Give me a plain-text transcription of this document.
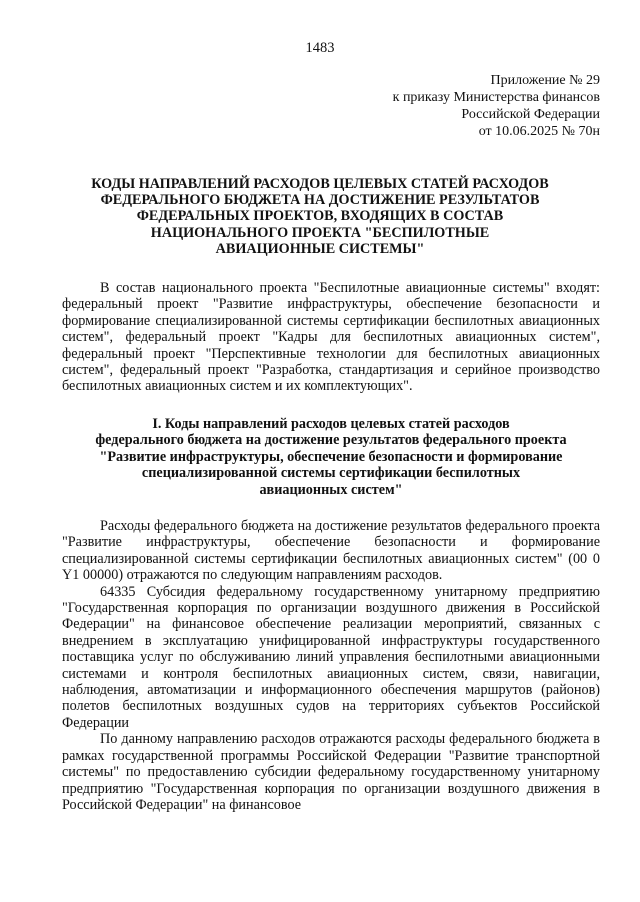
1483
Приложение № 29
к приказу Министерства финансов
Российской Федерации
от 10.06.2025 № 70н
КОДЫ НАПРАВЛЕНИЙ РАСХОДОВ ЦЕЛЕВЫХ СТАТЕЙ РАСХОДОВ
ФЕДЕРАЛЬНОГО БЮДЖЕТА НА ДОСТИЖЕНИЕ РЕЗУЛЬТАТОВ
ФЕДЕРАЛЬНЫХ ПРОЕКТОВ, ВХОДЯЩИХ В СОСТАВ
НАЦИОНАЛЬНОГО ПРОЕКТА "БЕСПИЛОТНЫЕ
АВИАЦИОННЫЕ СИСТЕМЫ"

В состав национального проекта "Беспилотные авиационные системы" входят: федеральный проект "Развитие инфраструктуры, обеспечение безопасности и формирование специализированной системы сертификации беспилотных авиационных систем", федеральный проект "Кадры для беспилотных авиационных систем", федеральный проект "Перспективные технологии для беспилотных авиационных систем", федеральный проект "Разработка, стандартизация и серийное производство беспилотных авиационных систем и их комплектующих".

I. Коды направлений расходов целевых статей расходов
федерального бюджета на достижение результатов федерального проекта
"Развитие инфраструктуры, обеспечение безопасности и формирование
специализированной системы сертификации беспилотных
авиационных систем"

Расходы федерального бюджета на достижение результатов федерального проекта "Развитие инфраструктуры, обеспечение безопасности и формирование специализированной системы сертификации беспилотных авиационных систем" (00 0 Y1 00000) отражаются по следующим направлениям расходов.

64335 Субсидия федеральному государственному унитарному предприятию "Государственная корпорация по организации воздушного движения в Российской Федерации" на финансовое обеспечение реализации мероприятий, связанных с внедрением в эксплуатацию унифицированной инфраструктуры государственного поставщика услуг по обслуживанию линий управления беспилотными авиационными системами и контроля беспилотных авиационных систем, связи, навигации, наблюдения, автоматизации и информационного обеспечения маршрутов (районов) полетов беспилотных воздушных судов на территориях субъектов Российской Федерации

По данному направлению расходов отражаются расходы федерального бюджета в рамках государственной программы Российской Федерации "Развитие транспортной системы" по предоставлению субсидии федеральному государственному унитарному предприятию "Государственная корпорация по организации воздушного движения в Российской Федерации" на финансовое
